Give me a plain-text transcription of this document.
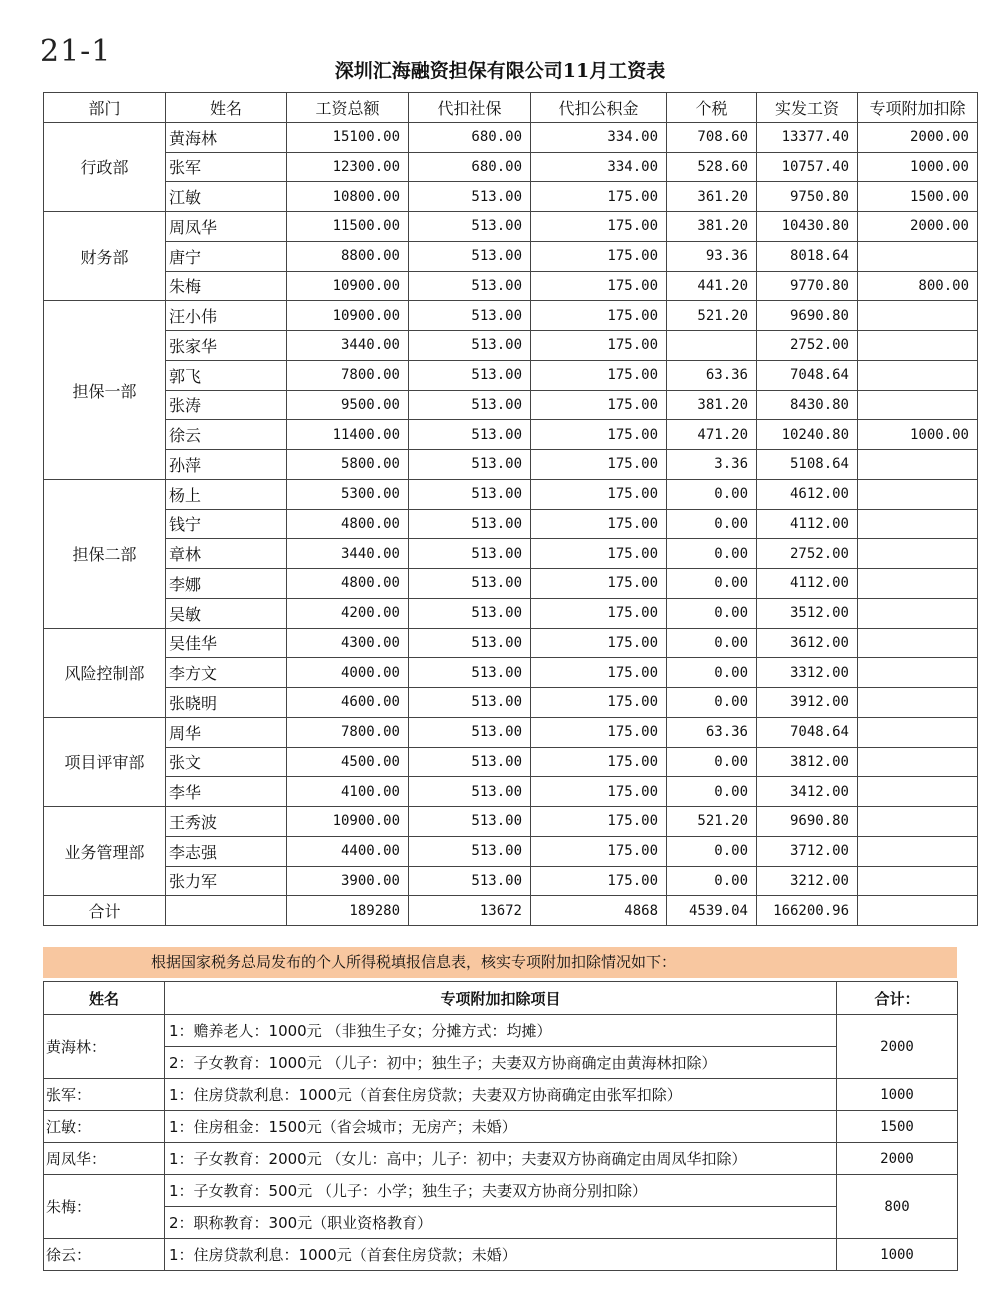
21-1
深圳汇海融资担保有限公司11月工资表
部门	姓名	工资总额	代扣社保	代扣公积金	个税	实发工资	专项附加扣除
行政部	黄海林	15100.00	680.00	334.00	708.60	13377.40	2000.00
	张军	12300.00	680.00	334.00	528.60	10757.40	1000.00
	江敏	10800.00	513.00	175.00	361.20	9750.80	1500.00
财务部	周凤华	11500.00	513.00	175.00	381.20	10430.80	2000.00
	唐宁	8800.00	513.00	175.00	93.36	8018.64	
	朱梅	10900.00	513.00	175.00	441.20	9770.80	800.00
担保一部	汪小伟	10900.00	513.00	175.00	521.20	9690.80	
	张家华	3440.00	513.00	175.00		2752.00	
	郭飞	7800.00	513.00	175.00	63.36	7048.64	
	张涛	9500.00	513.00	175.00	381.20	8430.80	
	徐云	11400.00	513.00	175.00	471.20	10240.80	1000.00
	孙萍	5800.00	513.00	175.00	3.36	5108.64	
担保二部	杨上	5300.00	513.00	175.00	0.00	4612.00	
	钱宁	4800.00	513.00	175.00	0.00	4112.00	
	章林	3440.00	513.00	175.00	0.00	2752.00	
	李娜	4800.00	513.00	175.00	0.00	4112.00	
	吴敏	4200.00	513.00	175.00	0.00	3512.00	
风险控制部	吴佳华	4300.00	513.00	175.00	0.00	3612.00	
	李方文	4000.00	513.00	175.00	0.00	3312.00	
	张晓明	4600.00	513.00	175.00	0.00	3912.00	
项目评审部	周华	7800.00	513.00	175.00	63.36	7048.64	
	张文	4500.00	513.00	175.00	0.00	3812.00	
	李华	4100.00	513.00	175.00	0.00	3412.00	
业务管理部	王秀波	10900.00	513.00	175.00	521.20	9690.80	
	李志强	4400.00	513.00	175.00	0.00	3712.00	
	张力军	3900.00	513.00	175.00	0.00	3212.00	
合计		189280	13672	4868	4539.04	166200.96	
根据国家税务总局发布的个人所得税填报信息表，核实专项附加扣除情况如下：
姓名	专项附加扣除项目	合计：
黄海林：	1：赡养老人：1000元 （非独生子女；分摊方式：均摊）	2000
	2：子女教育：1000元 （儿子：初中；独生子；夫妻双方协商确定由黄海林扣除）	
张军：	1：住房贷款利息：1000元（首套住房贷款；夫妻双方协商确定由张军扣除）	1000
江敏：	1：住房租金：1500元（省会城市；无房产；未婚）	1500
周凤华：	1：子女教育：2000元 （女儿：高中；儿子：初中；夫妻双方协商确定由周凤华扣除）	2000
朱梅：	1：子女教育：500元 （儿子：小学；独生子；夫妻双方协商分别扣除）	800
	2：职称教育：300元（职业资格教育）	
徐云：	1：住房贷款利息：1000元（首套住房贷款；未婚）	1000
